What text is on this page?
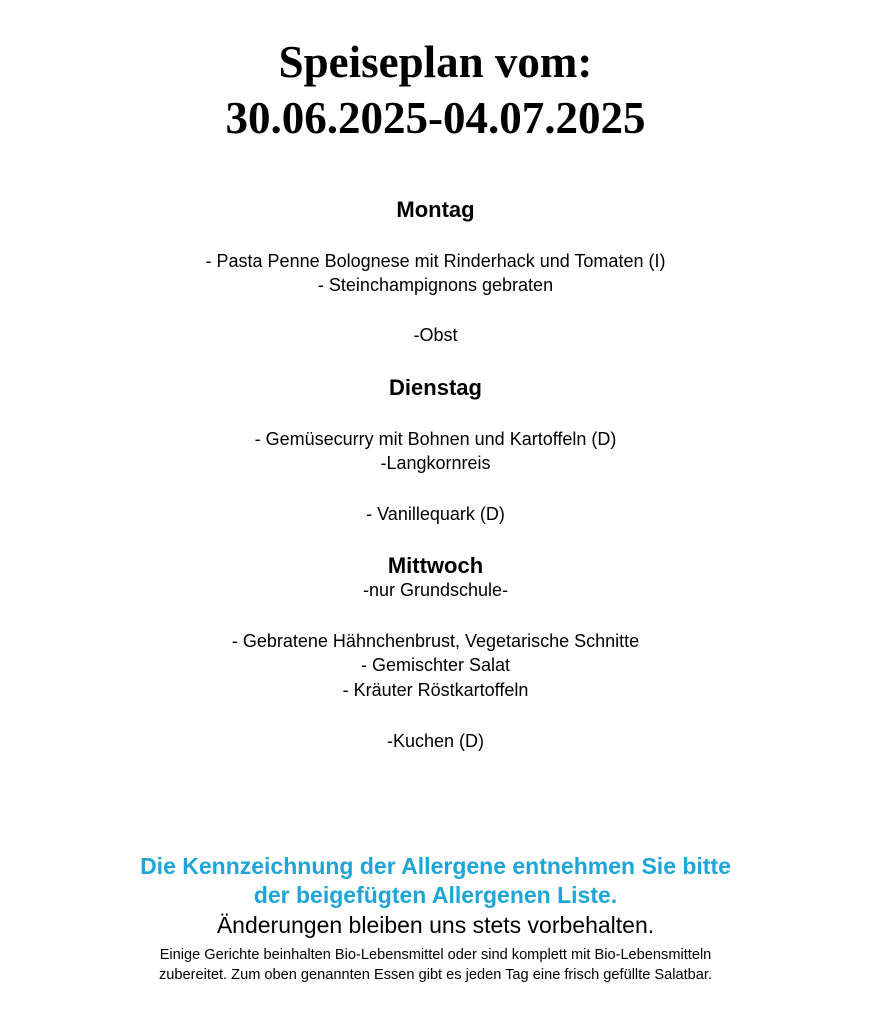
Speiseplan vom:
30.06.2025-04.07.2025
Montag
- Pasta Penne Bolognese mit Rinderhack und Tomaten (I)
- Steinchampignons gebraten
-Obst
Dienstag
- Gemüsecurry mit Bohnen und Kartoffeln (D)
-Langkornreis
- Vanillequark (D)
Mittwoch
-nur Grundschule-
- Gebratene Hähnchenbrust, Vegetarische Schnitte
- Gemischter Salat
- Kräuter Röstkartoffeln
-Kuchen (D)
Die Kennzeichnung der Allergene entnehmen Sie bitte
der beigefügten Allergenen Liste.
Änderungen bleiben uns stets vorbehalten.
Einige Gerichte beinhalten Bio-Lebensmittel oder sind komplett mit Bio-Lebensmitteln
zubereitet. Zum oben genannten Essen gibt es jeden Tag eine frisch gefüllte Salatbar.
